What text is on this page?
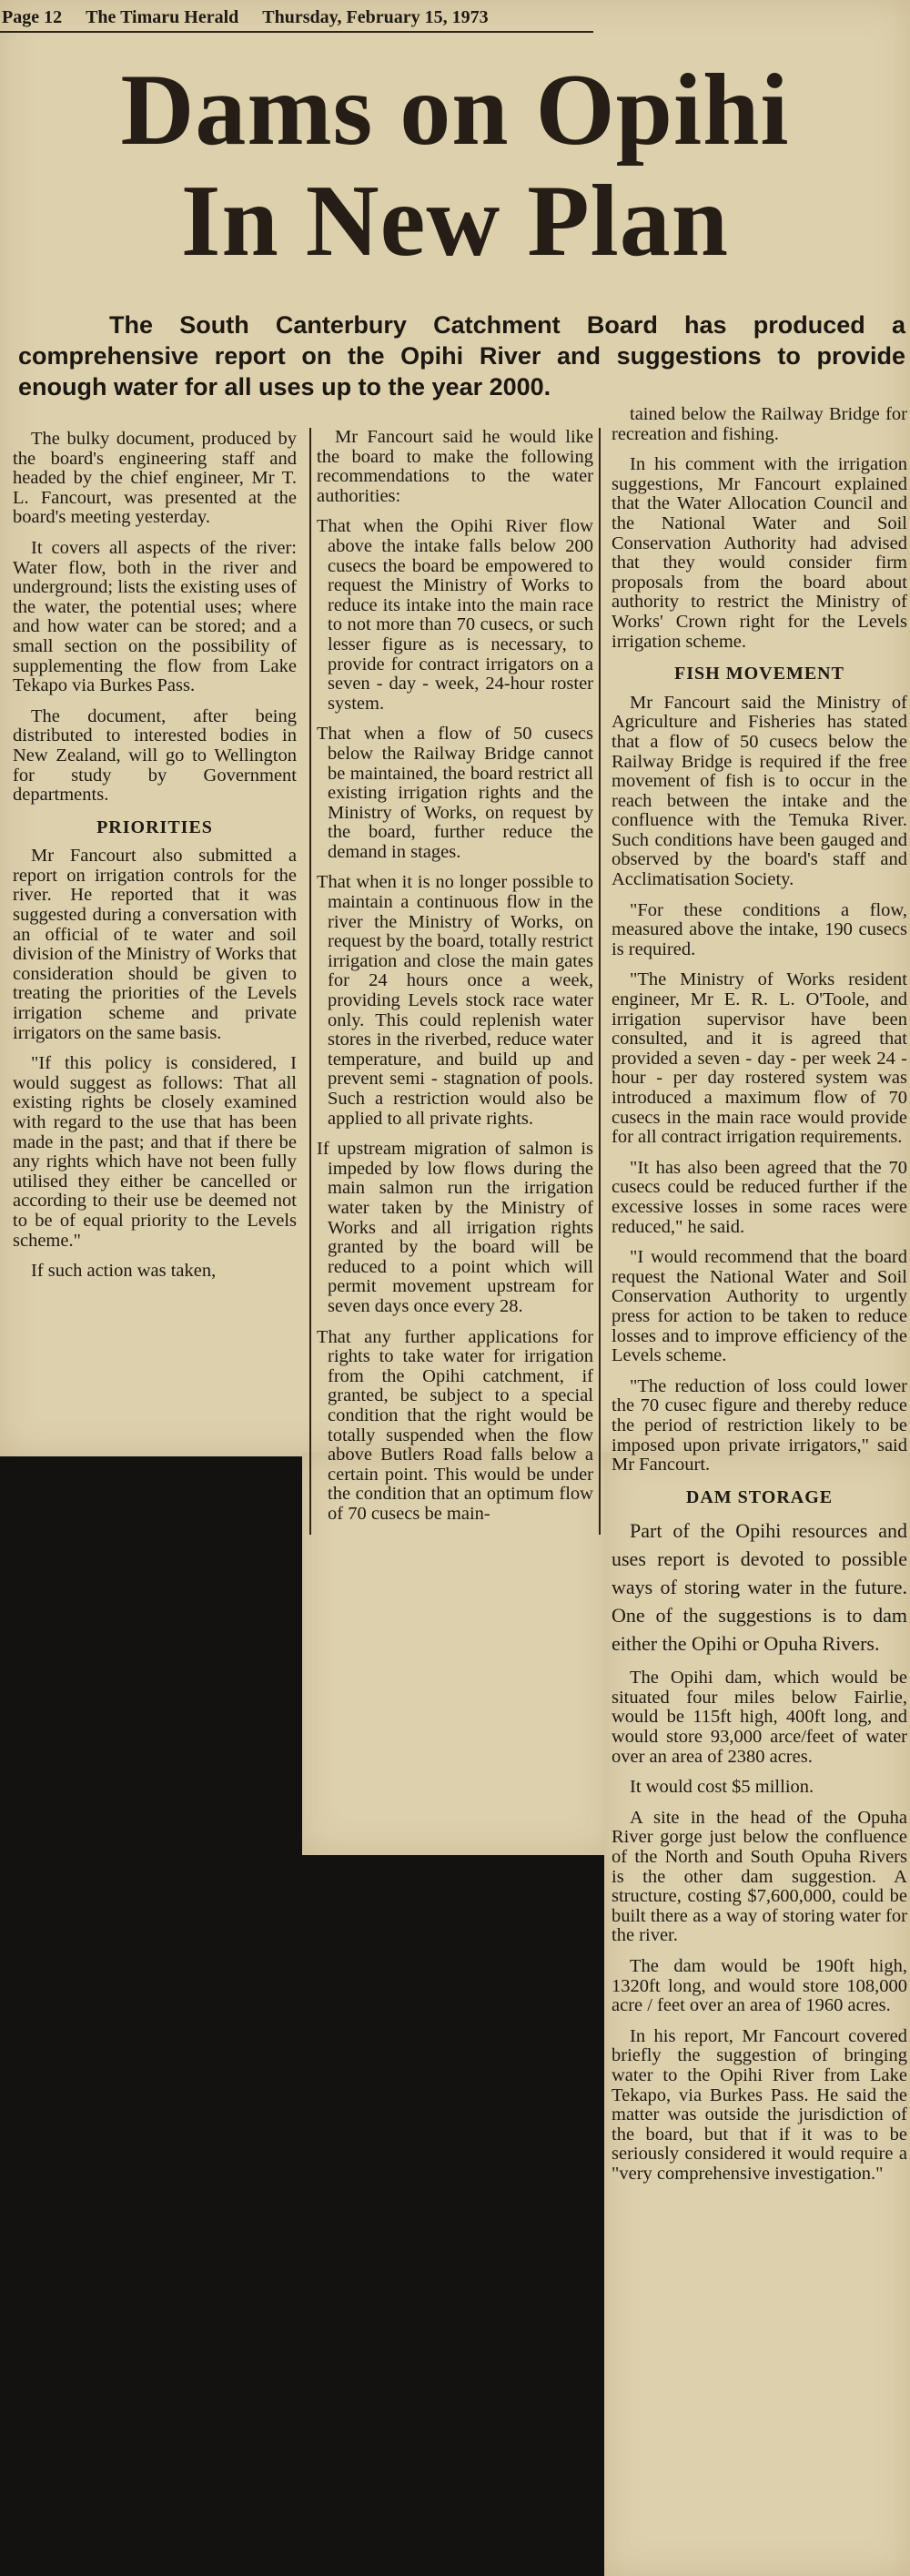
Page 12 The Timaru Herald Thursday, February 15, 1973
Dams on Opihi
In New Plan
The South Canterbury Catchment Board has produced a comprehensive report on the Opihi River and suggestions to provide enough water for all uses up to the year 2000.

The bulky document, produced by the board's engineering staff and headed by the chief engineer, Mr T. L. Fancourt, was presented at the board's meeting yesterday.

It covers all aspects of the river: Water flow, both in the river and underground; lists the existing uses of the water, the potential uses; where and how water can be stored; and a small section on the possibility of supplementing the flow from Lake Tekapo via Burkes Pass.

The document, after being distributed to interested bodies in New Zealand, will go to Wellington for study by Government departments.

PRIORITIES

Mr Fancourt also submitted a report on irrigation controls for the river. He reported that it was suggested during a conversation with an official of te water and soil division of the Ministry of Works that consideration should be given to treating the priorities of the Levels irrigation scheme and private irrigators on the same basis.

"If this policy is considered, I would suggest as follows: That all existing rights be closely examined with regard to the use that has been made in the past; and that if there be any rights which have not been fully utilised they either be cancelled or according to their use be deemed not to be of equal priority to the Levels scheme."

If such action was taken,

Mr Fancourt said he would like the board to make the following recommendations to the water authorities:

That when the Opihi River flow above the intake falls below 200 cusecs the board be empowered to request the Ministry of Works to reduce its intake into the main race to not more than 70 cusecs, or such lesser figure as is necessary, to provide for contract irrigators on a seven - day - week, 24-hour roster system.

That when a flow of 50 cusecs below the Railway Bridge cannot be maintained, the board restrict all existing irrigation rights and the Ministry of Works, on request by the board, further reduce the demand in stages.

That when it is no longer possible to maintain a continuous flow in the river the Ministry of Works, on request by the board, totally restrict irrigation and close the main gates for 24 hours once a week, providing Levels stock race water only. This could replenish water stores in the riverbed, reduce water temperature, and build up and prevent semi - stagnation of pools. Such a restriction would also be applied to all private rights.

If upstream migration of salmon is impeded by low flows during the main salmon run the irrigation water taken by the Ministry of Works and all irrigation rights granted by the board will be reduced to a point which will permit movement upstream for seven days once every 28.

That any further applications for rights to take water for irrigation from the Opihi catchment, if granted, be subject to a special condition that the right would be totally suspended when the flow above Butlers Road falls below a certain point. This would be under the condition that an optimum flow of 70 cusecs be main-

tained below the Railway Bridge for recreation and fishing.

In his comment with the irrigation suggestions, Mr Fancourt explained that the Water Allocation Council and the National Water and Soil Conservation Authority had advised that they would consider firm proposals from the board about authority to restrict the Ministry of Works' Crown right for the Levels irrigation scheme.

FISH MOVEMENT

Mr Fancourt said the Ministry of Agriculture and Fisheries has stated that a flow of 50 cusecs below the Railway Bridge is required if the free movement of fish is to occur in the reach between the intake and the confluence with the Temuka River. Such conditions have been gauged and observed by the board's staff and Acclimatisation Society.

"For these conditions a flow, measured above the intake, 190 cusecs is required.

"The Ministry of Works resident engineer, Mr E. R. L. O'Toole, and irrigation supervisor have been consulted, and it is agreed that provided a seven - day - per week 24 - hour - per day rostered system was introduced a maximum flow of 70 cusecs in the main race would provide for all contract irrigation requirements.

"It has also been agreed that the 70 cusecs could be reduced further if the excessive losses in some races were reduced," he said.

"I would recommend that the board request the National Water and Soil Conservation Authority to urgently press for action to be taken to reduce losses and to improve efficiency of the Levels scheme.

"The reduction of loss could lower the 70 cusec figure and thereby reduce the period of restriction likely to be imposed upon private irrigators," said Mr Fancourt.

DAM STORAGE

Part of the Opihi resources and uses report is devoted to possible ways of storing water in the future. One of the suggestions is to dam either the Opihi or Opuha Rivers.

The Opihi dam, which would be situated four miles below Fairlie, would be 115ft high, 400ft long, and would store 93,000 arce/feet of water over an area of 2380 acres.

It would cost $5 million.

A site in the head of the Opuha River gorge just below the confluence of the North and South Opuha Rivers is the other dam suggestion. A structure, costing $7,600,000, could be built there as a way of storing water for the river.

The dam would be 190ft high, 1320ft long, and would store 108,000 acre / feet over an area of 1960 acres.

In his report, Mr Fancourt covered briefly the suggestion of bringing water to the Opihi River from Lake Tekapo, via Burkes Pass. He said the matter was outside the jurisdiction of the board, but that if it was to be seriously considered it would require a "very comprehensive investigation."
